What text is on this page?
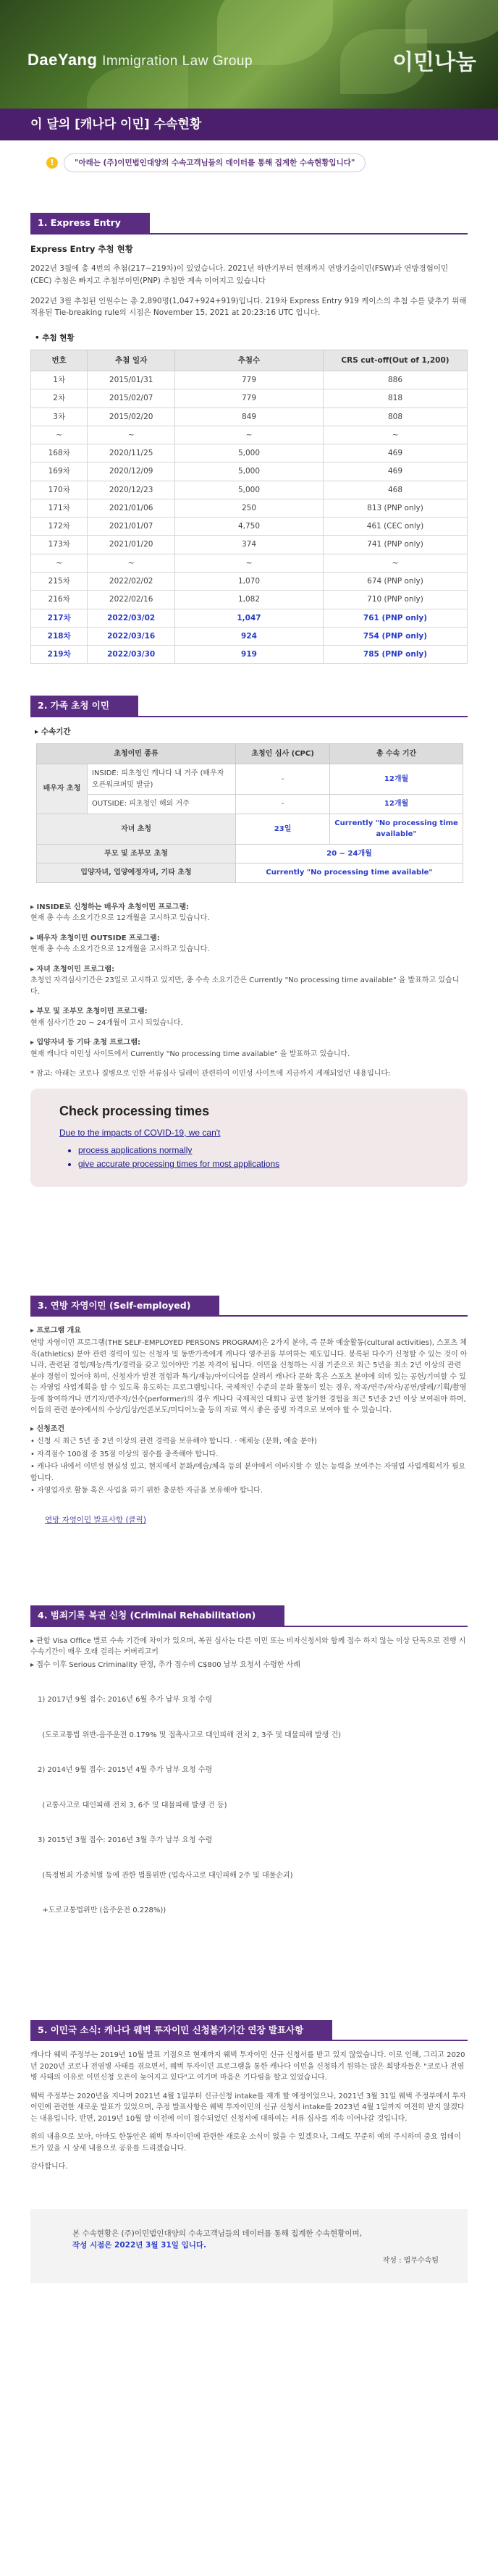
DaeYang Immigration Law Group	이민나눔
이 달의 [캐나다 이민] 수속현황
!	"아래는 (주)이민법인대양의 수속고객님들의 데이터를 통해 집계한 수속현황입니다"
1. Express Entry
Express Entry 추첨 현황

2022년 3월에 총 4번의 추첨(217~219차)이 있었습니다. 2021년 하반기부터 현재까지 연방기술이민(FSW)과 연방경험이민(CEC) 추첨은 빠지고 추첨부이민(PNP) 추첨만 계속 이어지고 있습니다

2022년 3월 추첨된 인원수는 총 2,890명(1,047+924+919)입니다. 219차 Express Entry 919 케이스의 추첨 수를 맞추기 위해 적용된 Tie-breaking rule의 시점은 November 15, 2021 at 20:23:16 UTC 입니다.

• 추첨 현황
번호	추첨 일자	추첨수	CRS cut-off(Out of 1,200)
1차	2015/01/31	779	886
2차	2015/02/07	779	818
3차	2015/02/20	849	808
~	~	~	~
168차	2020/11/25	5,000	469
169차	2020/12/09	5,000	469
170차	2020/12/23	5,000	468
171차	2021/01/06	250	813 (PNP only)
172차	2021/01/07	4,750	461 (CEC only)
173차	2021/01/20	374	741 (PNP only)
~	~	~	~
215차	2022/02/02	1,070	674 (PNP only)
216차	2022/02/16	1,082	710 (PNP only)
217차	2022/03/02	1,047	761 (PNP only)
218차	2022/03/16	924	754 (PNP only)
219차	2022/03/30	919	785 (PNP only)
2. 가족 초청 이민
▸ 수속기간
초청이민 종류		초청인 심사 (CPC)	총 수속 기간
배우자 초청	INSIDE: 피초청인 캐나다 내 거주 (배우자 오픈워크퍼밋 발급)	-	12개월
	OUTSIDE: 피초청인 해외 거주	-	12개월
자녀 초청		23일	Currently "No processing time available"
부모 및 조부모 초청		20 ~ 24개월	
입양자녀, 업양예정자녀, 기타 초청		Currently "No processing time available"	
▸ INSIDE로 신청하는 배우자 초청이민 프로그램:
현재 총 수속 소요기간으로 12개월을 고시하고 있습니다.
▸ 배우자 초청이민 OUTSIDE 프로그램:
현재 총 수속 소요기간으로 12개월을 고시하고 있습니다.
▸ 자녀 초청이민 프로그램:
초청인 자격심사기간은 23일로 고시하고 있지만, 총 수속 소요기간은 Currently "No processing time available" 을 발표하고 있습니다.
▸ 부모 및 조부모 초청이민 프로그램:
현재 심사기간 20 ~ 24개월이 고시 되었습니다.
▸ 입양자녀 등 기타 초청 프로그램:
현재 캐나다 이민성 사이트에서 Currently "No processing time available" 을 발표하고 있습니다.
* 참고: 아래는 코로나 질병으로 인한 서류심사 딜레이 관련하여 이민성 사이트에 지금까지 게재되었던 내용입니다:
Check processing times
Due to the impacts of COVID-19, we can't
• process applications normally
• give accurate processing times for most applications
3. 연방 자영이민 (Self-employed)
▸ 프로그램 개요

연방 자영이민 프로그램(THE SELF-EMPLOYED PERSONS PROGRAM)은 2가지 분야, 즉 문화 예술활동(cultural activities), 스포츠 체육(athletics) 분야 관련 경력이 있는 신청자 및 동반가족에게 캐나다 영주권을 부여하는 제도입니다. 봉록된 다수가 신청할 수 있는 것이 아니라, 관련된 경험/재능/특기/경력을 갖고 있어야만 기본 자격이 됩니다. 이민을 신청하는 시점 기준으로 최근 5년을 최소 2년 이상의 관련 분야 경험이 있어야 하며, 신청자가 발전 경험과 특기/재능/아이디어를 살려서 캐나다 문화 혹은 스포츠 분야에 의미 있는 공헌/기여할 수 있는 자영업 사업계획을 할 수 있도록 유도하는 프로그램입니다. 국제적인 수준의 문화 활동이 있는 경우, 작곡/연주/작사/공연/발레/기획/촬영 등에 참여하거나 연기자/연주자/선수(performer)의 경우 캐나다 국제적인 대회나 공연 참가한 경험을 최근 5년중 2년 이상 보여줘야 하며, 이들의 관련 분야에서의 수상/입상/언론보도/미디어노출 등의 자료 역시 좋은 증빙 자격으로 보여야 할 수 있습니다.

▸ 신청조건
• 신청 시 최근 5년 중 2년 이상의 관련 경력을 보유해야 합니다. · 예체능 (문화, 예술 분야)
• 자격점수 100점 중 35점 이상의 점수를 충족해야 합니다.
• 캐나다 내에서 이민성 현실성 있고, 현지에서 문화/예술/체육 등의 분야에서 이바지할 수 있는 능력을 보여주는 자영업 사업계획서가 필요합니다.
• 자영업자로 활동 혹은 사업을 하기 위한 충분한 자금을 보유해야 합니다.
연방 자영이민 발표사항 (클릭)
4. 범죄기록 복권 신청 (Criminal Rehabilitation)

▸ 관할 Visa Office 별로 수속 기간에 차이가 있으며, 복권 심사는 다른 이민 또는 비자신청서와 함께 접수 하지 않는 이상 단독으로 진행 시 수속기간이 매우 오래 걸리는 커버리고키

▸ 접수 이후 Serious Criminality 판정, 추가 접수비 C$800 납부 요청서 수령한 사례

1) 2017년 9월 접수: 2016년 6월 추가 납부 요청 수령

(도로교통법 위반-음주운전 0.179% 및 접촉사고로 대인피해 전치 2, 3주 및 대물피해 발생 건)

2) 2014년 9월 접수: 2015년 4월 추가 납부 요청 수령

(교통사고로 대인피해 전치 3, 6주 및 대물피해 발생 건 등)

3) 2015년 3월 접수: 2016년 3월 추가 납부 요청 수령

(특정범죄 가중처벌 등에 관한 법률위반 (업속사고로 대인피해 2주 및 대물손괴)

+도로교통법위반 (음주운전 0.228%))

5. 이민국 소식: 캐나다 웨벅 투자이민 신청불가기간 연장 발표사항

캐나다 웨벅 주정부는 2019년 10월 발표 기점으로 현재까지 웨벅 투자이민 신규 신청서를 받고 있지 않았습니다. 이로 인해, 그리고 2020년 2020년 코로나 전염병 사태를 겪으면서, 웨벅 투자이민 프로그램을 통한 캐나다 이민을 신청하기 원하는 많은 희망자들은 "코로나 전염병 사태의 이유로 이민신청 오픈이 늦어지고 있다"고 여기며 마음은 기다림을 할고 있었습니다.

웨벅 주정부는 2020년을 지나며 2021년 4월 1일부터 신규신청 intake를 재개 할 예정이었으나, 2021년 3월 31일 웨벅 주정부에서 투자이민에 관련한 새로운 발표가 있었으며, 추정 발표사항은 웨벅 투자이민의 신규 신청서 intake를 2023년 4월 1일까지 여전히 받지 않겠다는 내용입니다. 반면, 2019년 10월 할 이전에 이미 접수되었던 신청서에 대하여는 서류 심사를 계속 이어나갈 것입니다.

위의 내용으로 보아, 아마도 한동안은 웨벅 투자이민에 관련한 새로운 소식이 없을 수 있겠으나, 그래도 꾸준히 예의 주시하며 중요 업데이트가 있을 시 상세 내용으로 공유를 드리겠습니다.

감사합니다.

본 수속현황은 (주)이민법인대양의 수속고객님들의 데이터를 통해 집계한 수속현황이며,
작성 시점은 2022년 3월 31일 입니다.
작성 : 법무수속팀
